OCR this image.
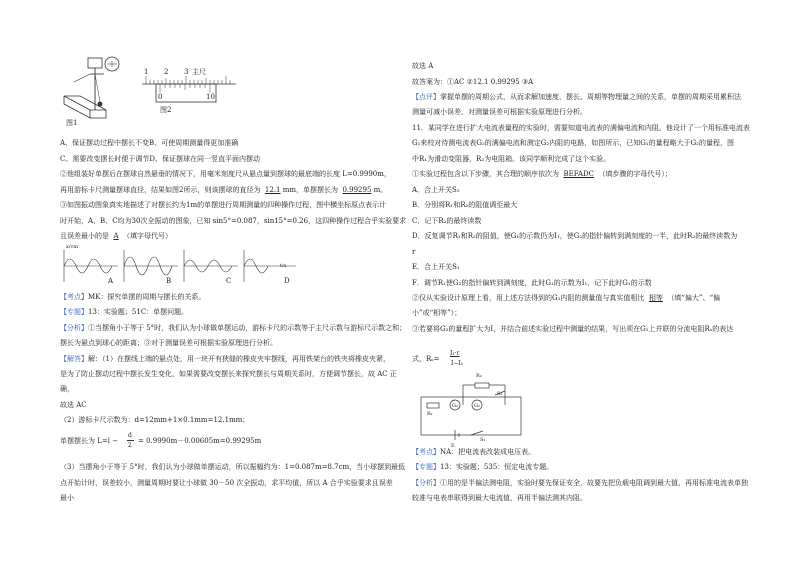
图1
1 2 3 主尺
0	10
图2
A、保证摆动过程中摆长不变B、可使周期测量得更加准确
C、需要改变摆长时便于调节D、保证摆球在同一竖直平面内摆动
②他组装好单摆后在摆球自然悬垂的情况下，用毫米刻度尺从悬点量到摆球的最底端的长度 L=0.9990m，
再用游标卡尺测量摆球直径，结果如图2所示，则该摆球的直径为 12.1 mm，单摆摆长为 0.99295 m。
③如图振动图象真实地描述了对摆长约为1m的单摆进行周期测量的四种操作过程，图中横坐标原点表示计
时开始，A、B、C均为30次全振动的图象，已知 sin5°=0.087，sin15°=0.26，这四种操作过程合乎实验要求
且误差最小的是 A （填字母代号）
A	B	C	D
x/cm
t/s
【考点】MK：探究单摆的周期与摆长的关系。
【专题】13：实验题；51C：单摆问题。
【分析】①当摆角小于等于 5°时，我们认为小球做单摆运动，游标卡尺的示数等于主尺示数与游标尺示数之和；
摆长为悬点到球心的距离；③对于测量误差可根据实验原理进行分析。
【解答】解：（1）在摆线上端的悬点处，用一块开有狭缝的橡皮夹牢摆线，再用铁架台的铁夹将橡皮夹紧，
是为了防止摆动过程中摆长发生变化，如果需要改变摆长来探究摆长与周期关系时，方便调节摆长，故 AC 正
确，
故选 AC
（2）游标卡尺示数为：d=12mm+1×0.1mm=12.1mm；
单摆摆长为 L=l −
d
2
= 0.9990m－0.00605m=0.99295m
（3）当摆角小于等于 5°时，我们认为小球做单摆运动，所以振幅约为：1=0.087m=8.7cm，当小球摆到最低
点开始计时，误差较小，测量周期时要让小球做 30－50 次全振动，求平均值，所以 A 合乎实验要求且误差
最小
故选 A
故答案为：①AC ②12.1 0.99295 ③A
【点评】掌握单摆的周期公式，从而求解加速度，摆长、周期等物理量之间的关系，单摆的周期采用累积法
测量可减小误差，对测量误差可根据实验原理进行分析。
11．某同学在进行扩大电流表量程的实验时，需要知道电流表的满偏电流和内阻。他设计了一个用标准电流表
G₁来校对待测电流表G₂的满偏电流和测定G₂内阻的电路，如图所示，已知G₁的量程略大于G₂的量程，图
中R₁为滑动变阻器，R₂为电阻箱。该同学顺利完成了这个实验。
①实验过程包含以下步骤，其合理的顺序依次为 BEFADC （填步骤的字母代号）；
A．合上开关S₂
B．分别将R₁和R₂的阻值调至最大
C．记下R₂的最终读数
D．反复调节R₁和R₂的阻值，使G₁的示数仍为I₁，使G₂的指针偏转到满刻度的一半，此时R₂的最终读数为
r
E．合上开关S₁
F．调节R₁使G₂的指针偏转到满刻度，此时G₁的示数为I₁，记下此时G₁的示数
②仅从实验设计原理上看，用上述方法得到的G₂内阻的测量值与真实值相比 相等 （填“偏大”、“偏
小”或“相等”）；
③若要将G₂的量程扩大为I，并结合前述实验过程中测量的结果，写出须在G₂上并联的分流电阻Rₛ的表达
式，Rₛ=
I₁·r
I−I₁
R₂
S₂
G₂
G₁
R₁
S₁
E
【考点】NA：把电流表改装成电压表。
【专题】13：实验题；535：恒定电流专题。
【分析】①用的是半偏法测电阻，实验时要先保证安全，故要先把负载电阻调到最大值，再用标准电流表单独
较准与电表串联得到最大电流值，再用半偏法测其内阻。
